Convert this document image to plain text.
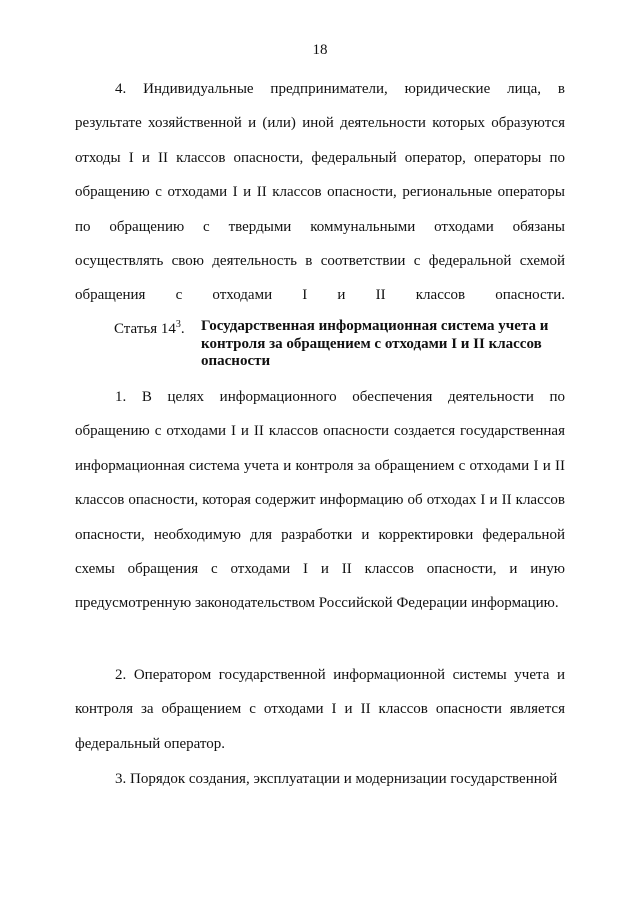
18

4. Индивидуальные предприниматели, юридические лица, в результате хозяйственной и (или) иной деятельности которых образуются отходы I и II классов опасности, федеральный оператор, операторы по обращению с отходами I и II классов опасности, региональные операторы по обращению с твердыми коммунальными отходами обязаны осуществлять свою деятельность в соответствии с федеральной схемой обращения с отходами I и II классов опасности.

Статья $14^3$. Государственная информационная система учета и контроля за обращением с отходами I и II классов опасности

1. В целях информационного обеспечения деятельности по обращению с отходами I и II классов опасности создается государственная информационная система учета и контроля за обращением с отходами I и II классов опасности, которая содержит информацию об отходах I и II классов опасности, необходимую для разработки и корректировки федеральной схемы обращения с отходами I и II классов опасности, и иную предусмотренную законодательством Российской Федерации информацию.

2. Оператором государственной информационной системы учета и контроля за обращением с отходами I и II классов опасности является федеральный оператор.

3. Порядок создания, эксплуатации и модернизации государственной
